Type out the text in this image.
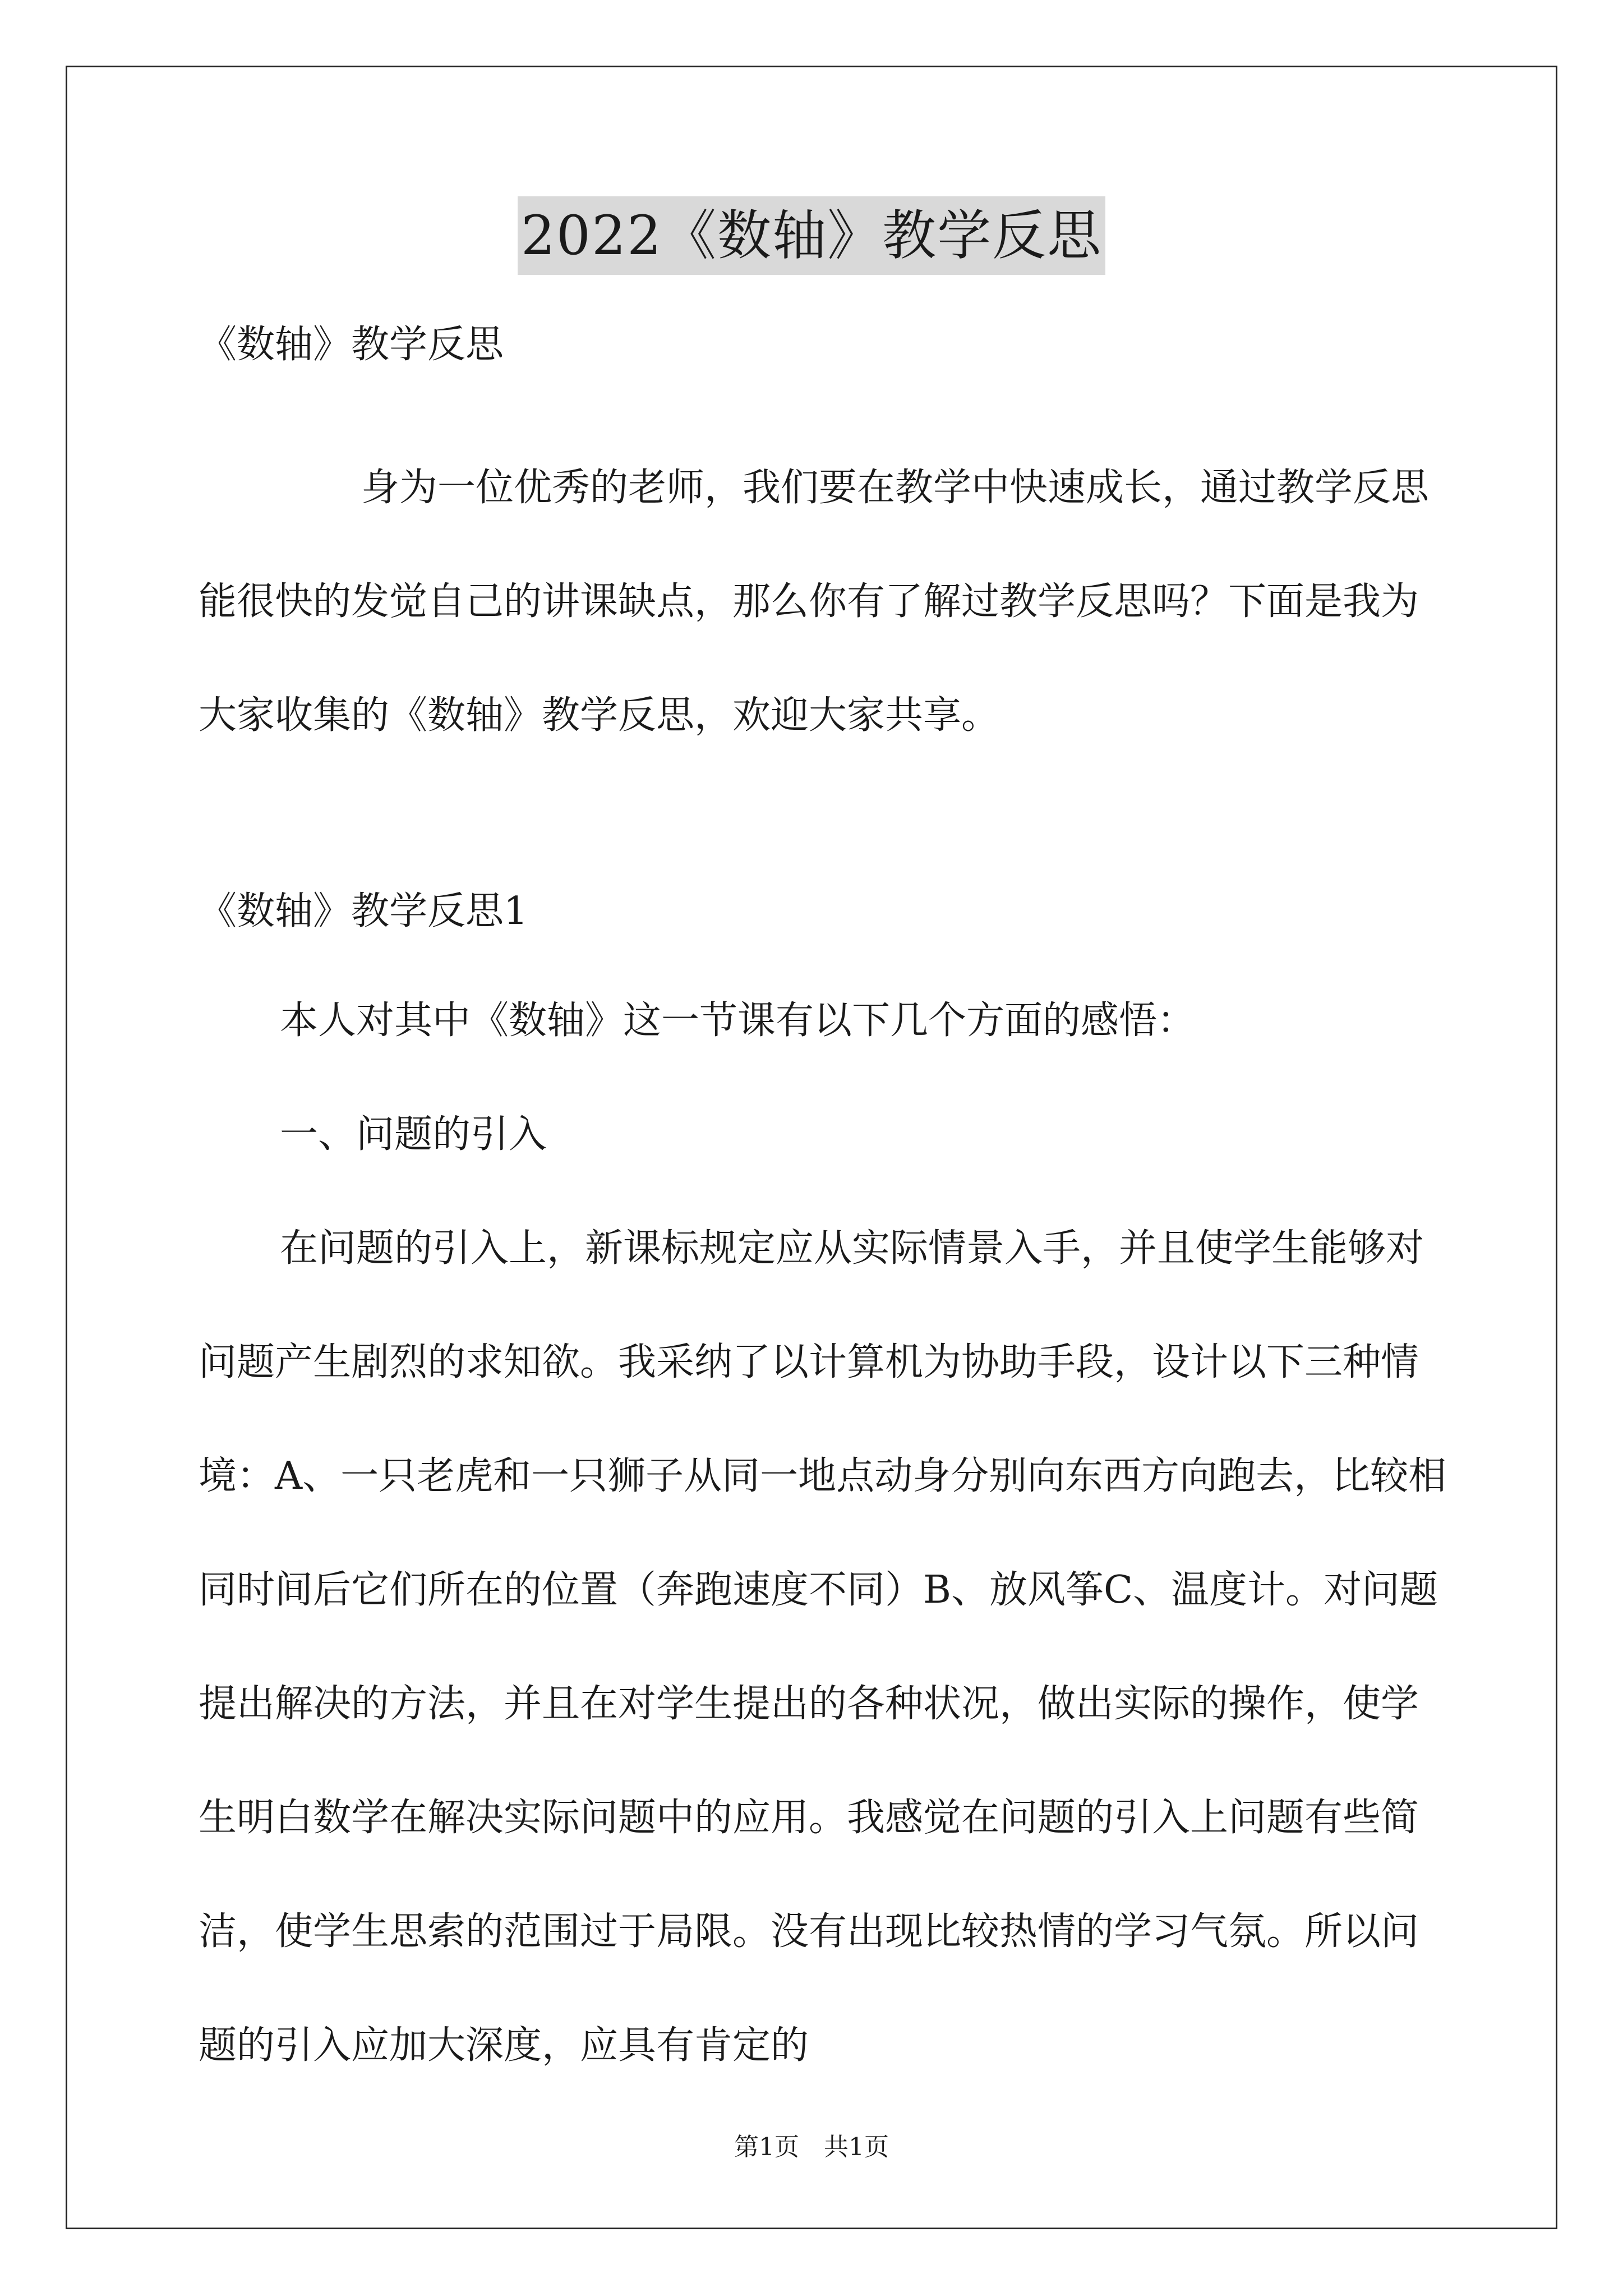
2022《数轴》教学反思
《数轴》教学反思
身为一位优秀的老师，我们要在教学中快速成长，通过教学反思能很快的发觉自己的讲课缺点，那么你有了解过教学反思吗？下面是我为大家收集的《数轴》教学反思，欢迎大家共享。
《数轴》教学反思1
本人对其中《数轴》这一节课有以下几个方面的感悟：
一、问题的引入
在问题的引入上，新课标规定应从实际情景入手，并且使学生能够对问题产生剧烈的求知欲。我采纳了以计算机为协助手段，设计以下三种情境：A、一只老虎和一只狮子从同一地点动身分别向东西方向跑去，比较相同时间后它们所在的位置（奔跑速度不同）B、放风筝C、温度计。对问题提出解决的方法，并且在对学生提出的各种状况，做出实际的操作，使学生明白数学在解决实际问题中的应用。我感觉在问题的引入上问题有些简洁，使学生思索的范围过于局限。没有出现比较热情的学习气氛。所以问题的引入应加大深度，应具有肯定的
第1页　共1页
